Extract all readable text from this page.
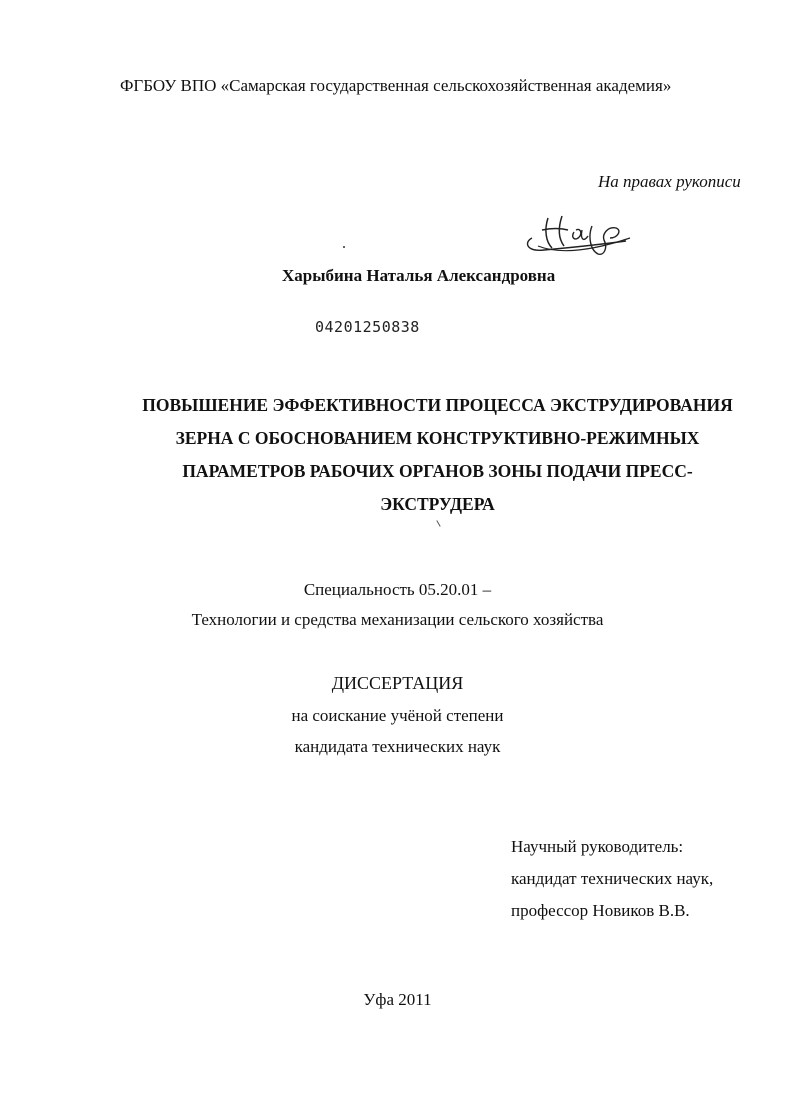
ФГБОУ ВПО «Самарская государственная сельскохозяйственная академия»
На правах рукописи
Харыбина Наталья Александровна
04201250838
ПОВЫШЕНИЕ ЭФФЕКТИВНОСТИ ПРОЦЕССА ЭКСТРУДИРОВАНИЯ
ЗЕРНА С ОБОСНОВАНИЕМ КОНСТРУКТИВНО-РЕЖИМНЫХ
ПАРАМЕТРОВ РАБОЧИХ ОРГАНОВ ЗОНЫ ПОДАЧИ ПРЕСС-
ЭКСТРУДЕРА
Специальность 05.20.01 –
Технологии и средства механизации сельского хозяйства
ДИССЕРТАЦИЯ
на соискание учёной степени
кандидата технических наук
Научный руководитель:
кандидат технических наук,
профессор Новиков В.В.
Уфа 2011
